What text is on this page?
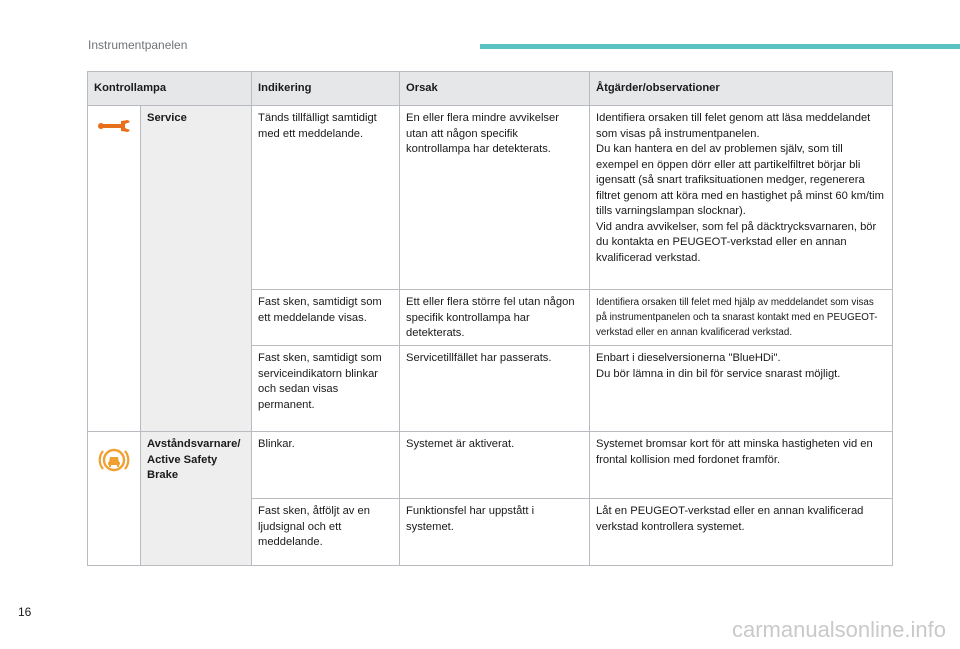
Instrumentpanelen
Kontrollampa		Indikering	Orsak	Åtgärder/observationer

Service	Tänds tillfälligt samtidigt med ett meddelande.	En eller flera mindre avvikelser utan att någon specifik kontrollampa har detekterats.	Identifiera orsaken till felet genom att läsa meddelandet som visas på instrumentpanelen.
Du kan hantera en del av problemen själv, som till exempel en öppen dörr eller att partikelfiltret börjar bli igensatt (så snart trafiksituationen medger, regenerera filtret genom att köra med en hastighet på minst 60 km/tim tills varningslampan slocknar).
Vid andra avvikelser, som fel på däcktrycksvarnaren, bör du kontakta en PEUGEOT-verkstad eller en annan kvalificerad verkstad.

		Fast sken, samtidigt som ett meddelande visas.	Ett eller flera större fel utan någon specifik kontrollampa har detekterats.	Identifiera orsaken till felet med hjälp av meddelandet som visas på instrumentpanelen och ta snarast kontakt med en PEUGEOT-verkstad eller en annan kvalificerad verkstad.

		Fast sken, samtidigt som serviceindikatorn blinkar och sedan visas permanent.	Servicetillfället har passerats.	Enbart i dieselversionerna "BlueHDi".
Du bör lämna in din bil för service snarast möjligt.

Avståndsvarnare/ Active Safety Brake	Blinkar.	Systemet är aktiverat.	Systemet bromsar kort för att minska hastigheten vid en frontal kollision med fordonet framför.

		Fast sken, åtföljt av en ljudsignal och ett meddelande.	Funktionsfel har uppstått i systemet.	Låt en PEUGEOT-verkstad eller en annan kvalificerad verkstad kontrollera systemet.
16
carmanualsonline.info
